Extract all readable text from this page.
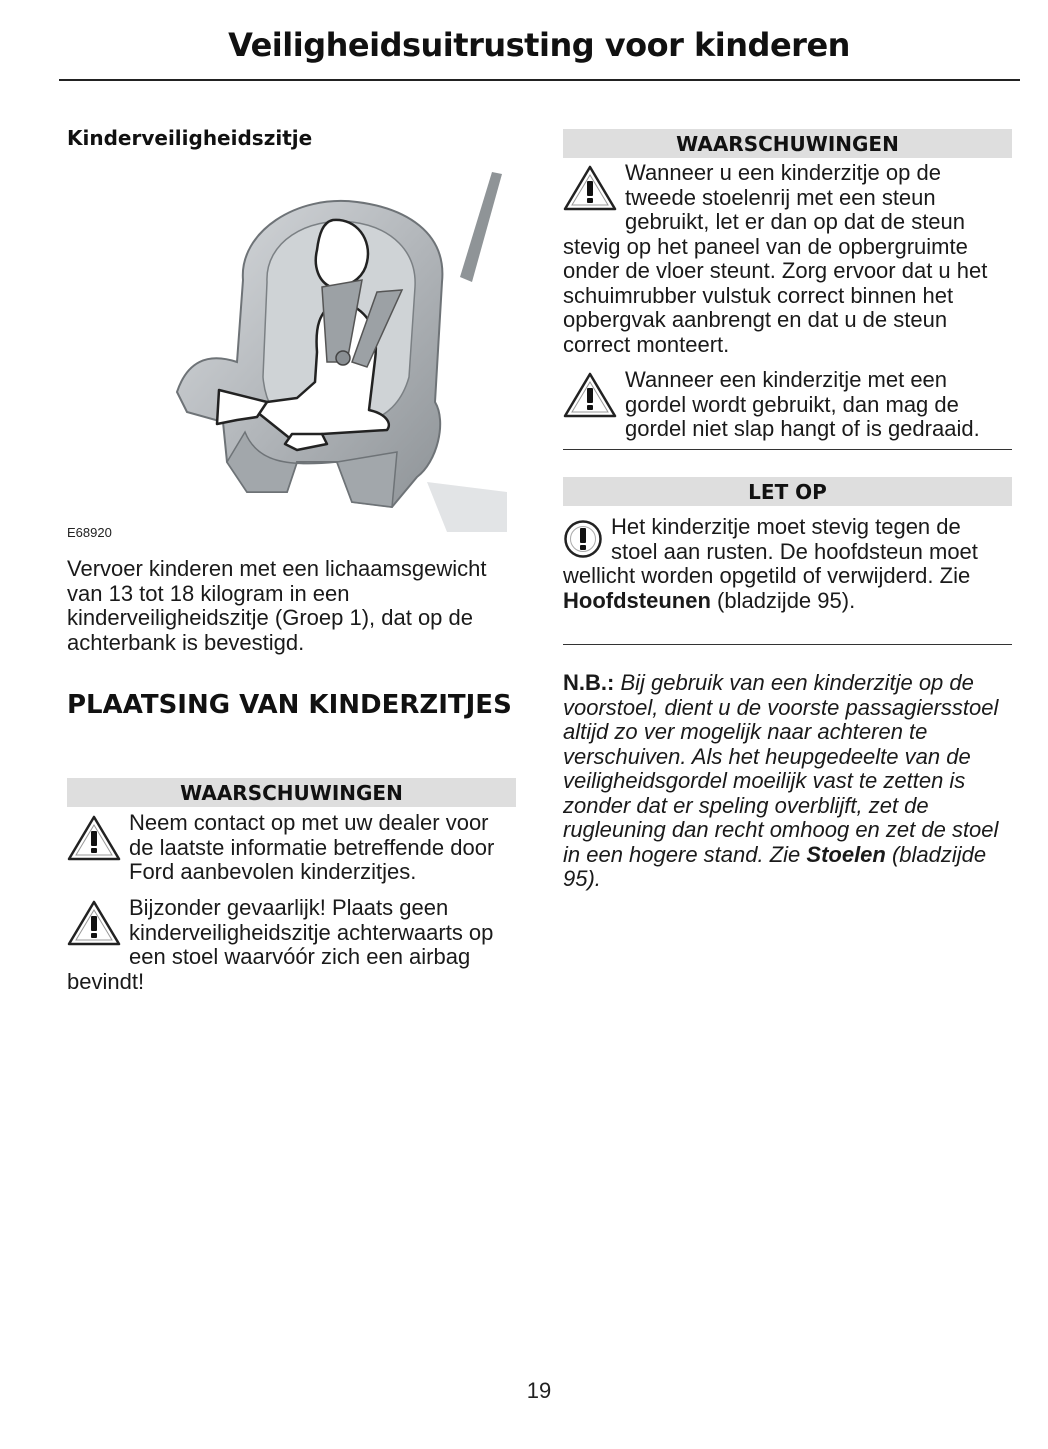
Veiligheidsuitrusting voor kinderen
Kinderveiligheidszitje
E68920
Vervoer kinderen met een lichaamsgewicht van 13 tot 18 kilogram in een kinderveiligheidszitje (Groep 1), dat op de achterbank is bevestigd.
PLAATSING VAN KINDERZITJES
WAARSCHUWINGEN
Neem contact op met uw dealer voor de laatste informatie betreffende door Ford aanbevolen kinderzitjes.
Bijzonder gevaarlijk! Plaats geen kinderveiligheidszitje achterwaarts op een stoel waarvóór zich een airbag bevindt!
WAARSCHUWINGEN
Wanneer u een kinderzitje op de tweede stoelenrij met een steun gebruikt, let er dan op dat de steun stevig op het paneel van de opbergruimte onder de vloer steunt. Zorg ervoor dat u het schuimrubber vulstuk correct binnen het opbergvak aanbrengt en dat u de steun correct monteert.
Wanneer een kinderzitje met een gordel wordt gebruikt, dan mag de gordel niet slap hangt of is gedraaid.
LET OP
Het kinderzitje moet stevig tegen de stoel aan rusten. De hoofdsteun moet wellicht worden opgetild of verwijderd. Zie Hoofdsteunen (bladzijde 95).
N.B.: Bij gebruik van een kinderzitje op de voorstoel, dient u de voorste passagiersstoel altijd zo ver mogelijk naar achteren te verschuiven. Als het heupgedeelte van de veiligheidsgordel moeilijk vast te zetten is zonder dat er speling overblijft, zet de rugleuning dan recht omhoog en zet de stoel in een hogere stand. Zie Stoelen (bladzijde 95).
19
